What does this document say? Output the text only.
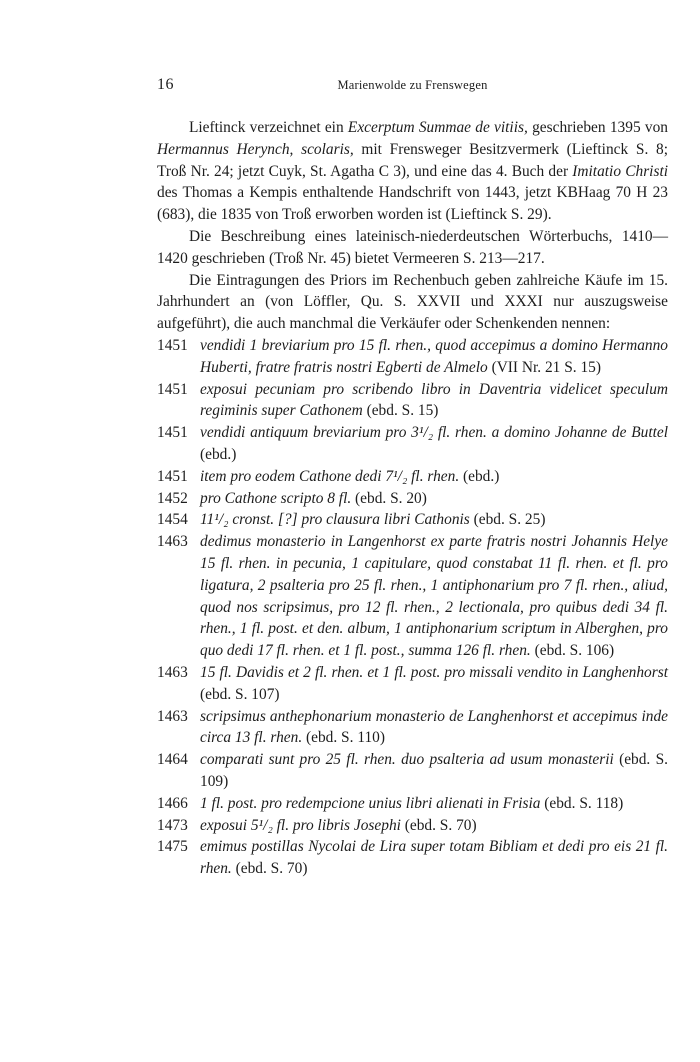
16	Marienwolde zu Frenswegen

Lieftinck verzeichnet ein Excerptum Summae de vitiis, geschrieben 1395 von Hermannus Herynch, scolaris, mit Frensweger Besitzvermerk (Lieftinck S. 8; Troß Nr. 24; jetzt Cuyk, St. Agatha C 3), und eine das 4. Buch der Imitatio Christi des Thomas a Kempis enthaltende Handschrift von 1443, jetzt KBHaag 70 H 23 (683), die 1835 von Troß erworben worden ist (Lieftinck S. 29).

Die Beschreibung eines lateinisch-niederdeutschen Wörterbuchs, 1410—1420 geschrieben (Troß Nr. 45) bietet Vermeeren S. 213—217.

Die Eintragungen des Priors im Rechenbuch geben zahlreiche Käufe im 15. Jahrhundert an (von Löffler, Qu. S. XXVII und XXXI nur auszugsweise aufgeführt), die auch manchmal die Verkäufer oder Schenkenden nennen:

1451 vendidi 1 breviarium pro 15 fl. rhen., quod accepimus a domino Hermanno Huberti, fratre fratris nostri Egberti de Almelo (VII Nr. 21 S. 15)
1451 exposui pecuniam pro scribendo libro in Daventria videlicet speculum regiminis super Cathonem (ebd. S. 15)
1451 vendidi antiquum breviarium pro 3¹/₂ fl. rhen. a domino Johanne de Buttel (ebd.)
1451 item pro eodem Cathone dedi 7¹/₂ fl. rhen. (ebd.)
1452 pro Cathone scripto 8 fl. (ebd. S. 20)
1454 11¹/₂ cronst. [?] pro clausura libri Cathonis (ebd. S. 25)
1463 dedimus monasterio in Langenhorst ex parte fratris nostri Johannis Helye 15 fl. rhen. in pecunia, 1 capitulare, quod constabat 11 fl. rhen. et fl. pro ligatura, 2 psalteria pro 25 fl. rhen., 1 antiphonarium pro 7 fl. rhen., aliud, quod nos scripsimus, pro 12 fl. rhen., 2 lectionala, pro quibus dedi 34 fl. rhen., 1 fl. post. et den. album, 1 antiphonarium scriptum in Alberghen, pro quo dedi 17 fl. rhen. et 1 fl. post., summa 126 fl. rhen. (ebd. S. 106)
1463 15 fl. Davidis et 2 fl. rhen. et 1 fl. post. pro missali vendito in Langhenhorst (ebd. S. 107)
1463 scripsimus anthephonarium monasterio de Langhenhorst et accepimus inde circa 13 fl. rhen. (ebd. S. 110)
1464 comparati sunt pro 25 fl. rhen. duo psalteria ad usum monasterii (ebd. S. 109)
1466 1 fl. post. pro redempcione unius libri alienati in Frisia (ebd. S. 118)
1473 exposui 5¹/₂ fl. pro libris Josephi (ebd. S. 70)
1475 emimus postillas Nycolai de Lira super totam Bibliam et dedi pro eis 21 fl. rhen. (ebd. S. 70)
